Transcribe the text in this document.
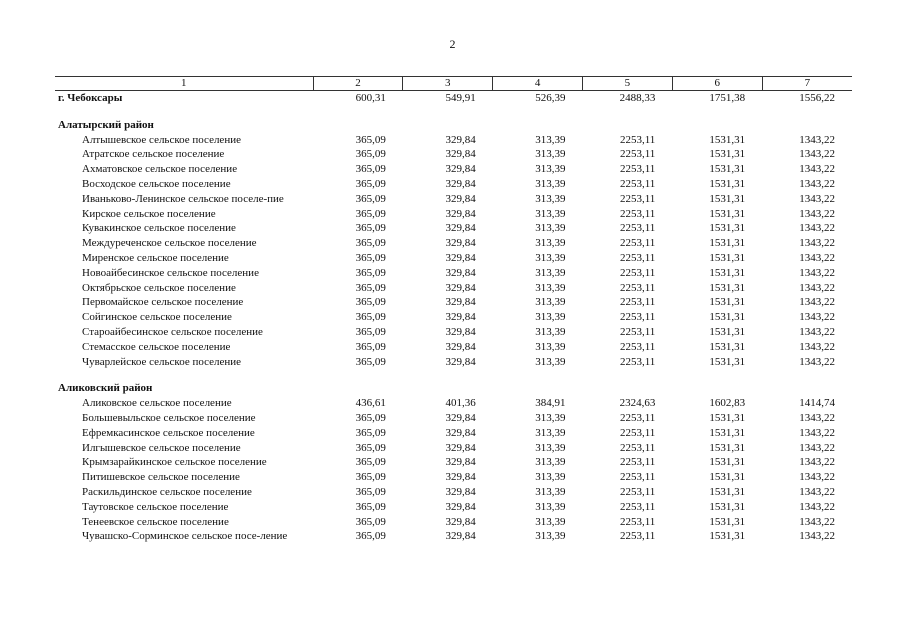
2
1	2	3	4	5	6	7
г. Чебоксары	600,31	549,91	526,39	2488,33	1751,38	1556,22

Алатырский район						
Алтышевское сельское поселение	365,09	329,84	313,39	2253,11	1531,31	1343,22
Атратское сельское поселение	365,09	329,84	313,39	2253,11	1531,31	1343,22
Ахматовское сельское поселение	365,09	329,84	313,39	2253,11	1531,31	1343,22
Восходское сельское поселение	365,09	329,84	313,39	2253,11	1531,31	1343,22
Иваньково-Ленинское сельское поселе-пие	365,09	329,84	313,39	2253,11	1531,31	1343,22
Кирское сельское поселение	365,09	329,84	313,39	2253,11	1531,31	1343,22
Кувакинское сельское поселение	365,09	329,84	313,39	2253,11	1531,31	1343,22
Междуреченское сельское поселение	365,09	329,84	313,39	2253,11	1531,31	1343,22
Миренское сельское поселение	365,09	329,84	313,39	2253,11	1531,31	1343,22
Новоайбесинское сельское поселение	365,09	329,84	313,39	2253,11	1531,31	1343,22
Октябрьское сельское поселение	365,09	329,84	313,39	2253,11	1531,31	1343,22
Первомайское сельское поселение	365,09	329,84	313,39	2253,11	1531,31	1343,22
Сойгинское сельское поселение	365,09	329,84	313,39	2253,11	1531,31	1343,22
Староайбесинское сельское поселение	365,09	329,84	313,39	2253,11	1531,31	1343,22
Стемасское сельское поселение	365,09	329,84	313,39	2253,11	1531,31	1343,22
Чуварлейское сельское поселение	365,09	329,84	313,39	2253,11	1531,31	1343,22

Аликовский район						
Аликовское сельское поселение	436,61	401,36	384,91	2324,63	1602,83	1414,74
Большевыльское сельское поселение	365,09	329,84	313,39	2253,11	1531,31	1343,22
Ефремкасинское сельское поселение	365,09	329,84	313,39	2253,11	1531,31	1343,22
Илгышевское сельское поселение	365,09	329,84	313,39	2253,11	1531,31	1343,22
Крымзарайкинское сельское поселение	365,09	329,84	313,39	2253,11	1531,31	1343,22
Питишевское сельское поселение	365,09	329,84	313,39	2253,11	1531,31	1343,22
Раскильдинское сельское поселение	365,09	329,84	313,39	2253,11	1531,31	1343,22
Таутовское сельское поселение	365,09	329,84	313,39	2253,11	1531,31	1343,22
Тенеевское сельское поселение	365,09	329,84	313,39	2253,11	1531,31	1343,22
Чувашско-Сорминское сельское посе-ление	365,09	329,84	313,39	2253,11	1531,31	1343,22
